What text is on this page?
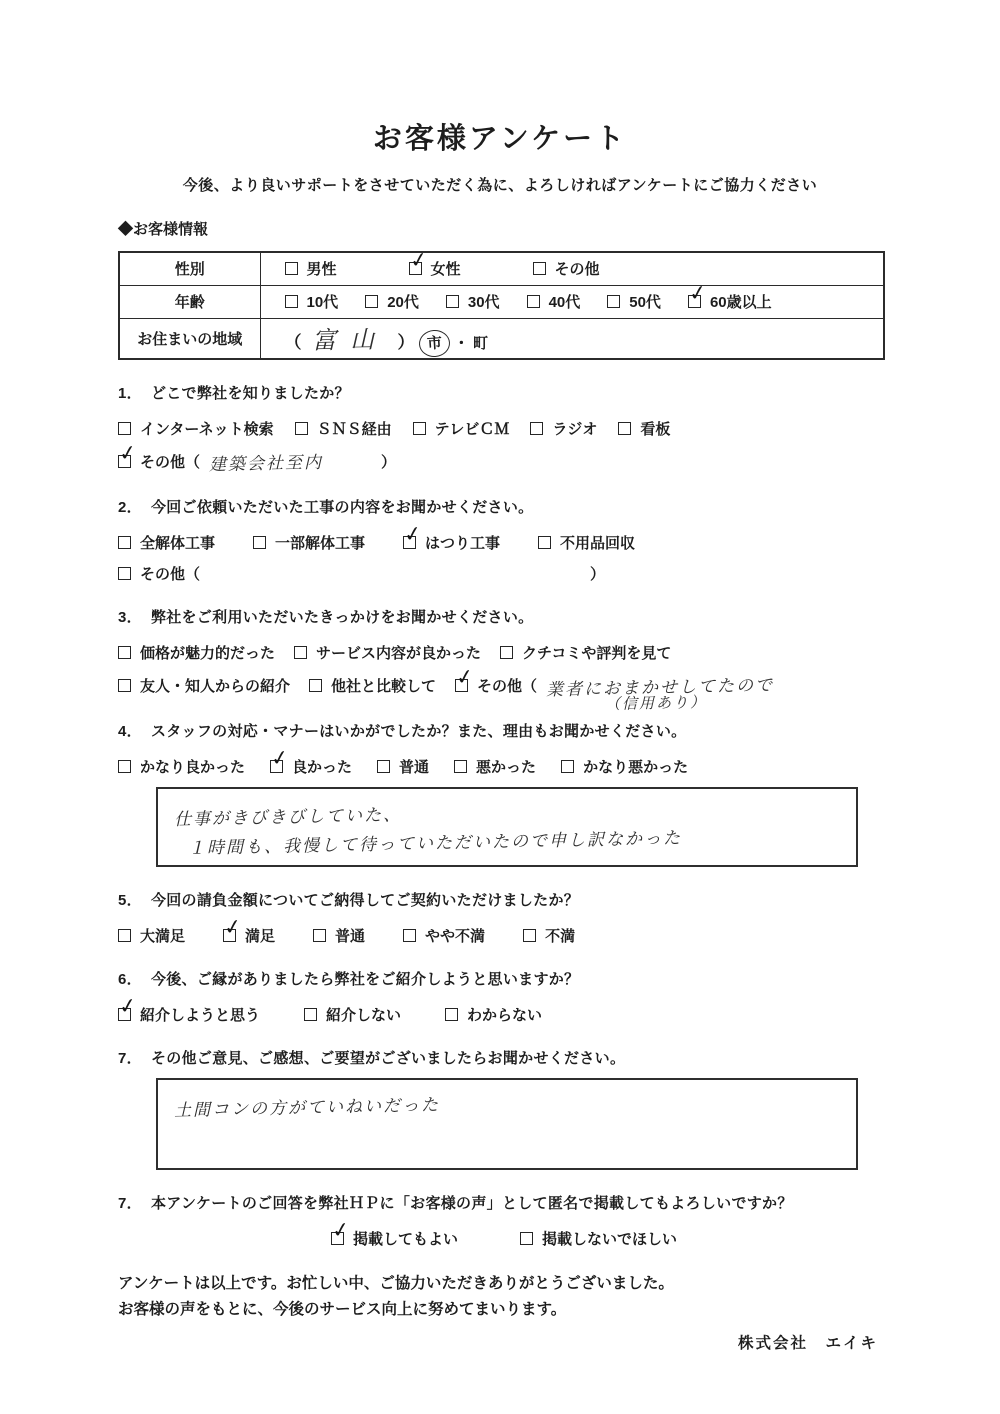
お客様アンケート
今後、より良いサポートをさせていただく為に、よろしければアンケートにご協力ください
◆お客様情報
性別	男性 ✓ 女性 その他

年齢	10代	20代	30代	40代	50代 ✓ 60歳以上

お住まいの地域	（ 富山 ） 市 ・ 町
1． どこで弊社を知りましたか？
インターネット検索	ＳＮＳ経由	テレビＣＭ	ラジオ	看板
✓ その他（ 建築会社至内	）
2． 今回ご依頼いただいた工事の内容をお聞かせください。
全解体工事	一部解体工事 ✓ はつり工事	不用品回収
その他（	）
3． 弊社をご利用いただいたきっかけをお聞かせください。
価格が魅力的だった	サービス内容が良かった	クチコミや評判を見て
友人・知人からの紹介	他社と比較して ✓ その他（ 業者におまかせしてたので
（信用あり）
4． スタッフの対応・マナーはいかがでしたか？また、理由もお聞かせください。
かなり良かった ✓ 良かった	普通	悪かった	かなり悪かった
仕事がきびきびしていた、
１時間も、我慢して待っていただいたので申し訳なかった
5． 今回の請負金額についてご納得してご契約いただけましたか？
大満足 ✓ 満足	普通	やや不満	不満
6． 今後、ご縁がありましたら弊社をご紹介しようと思いますか？
✓ 紹介しようと思う	紹介しない	わからない
7． その他ご意見、ご感想、ご要望がございましたらお聞かせください。
土間コンの方がていねいだった
7． 本アンケートのご回答を弊社ＨＰに「お客様の声」として匿名で掲載してもよろしいですか？
✓ 掲載してもよい	掲載しないでほしい
アンケートは以上です。お忙しい中、ご協力いただきありがとうございました。
お客様の声をもとに、今後のサービス向上に努めてまいります。
株式会社　エイキ
